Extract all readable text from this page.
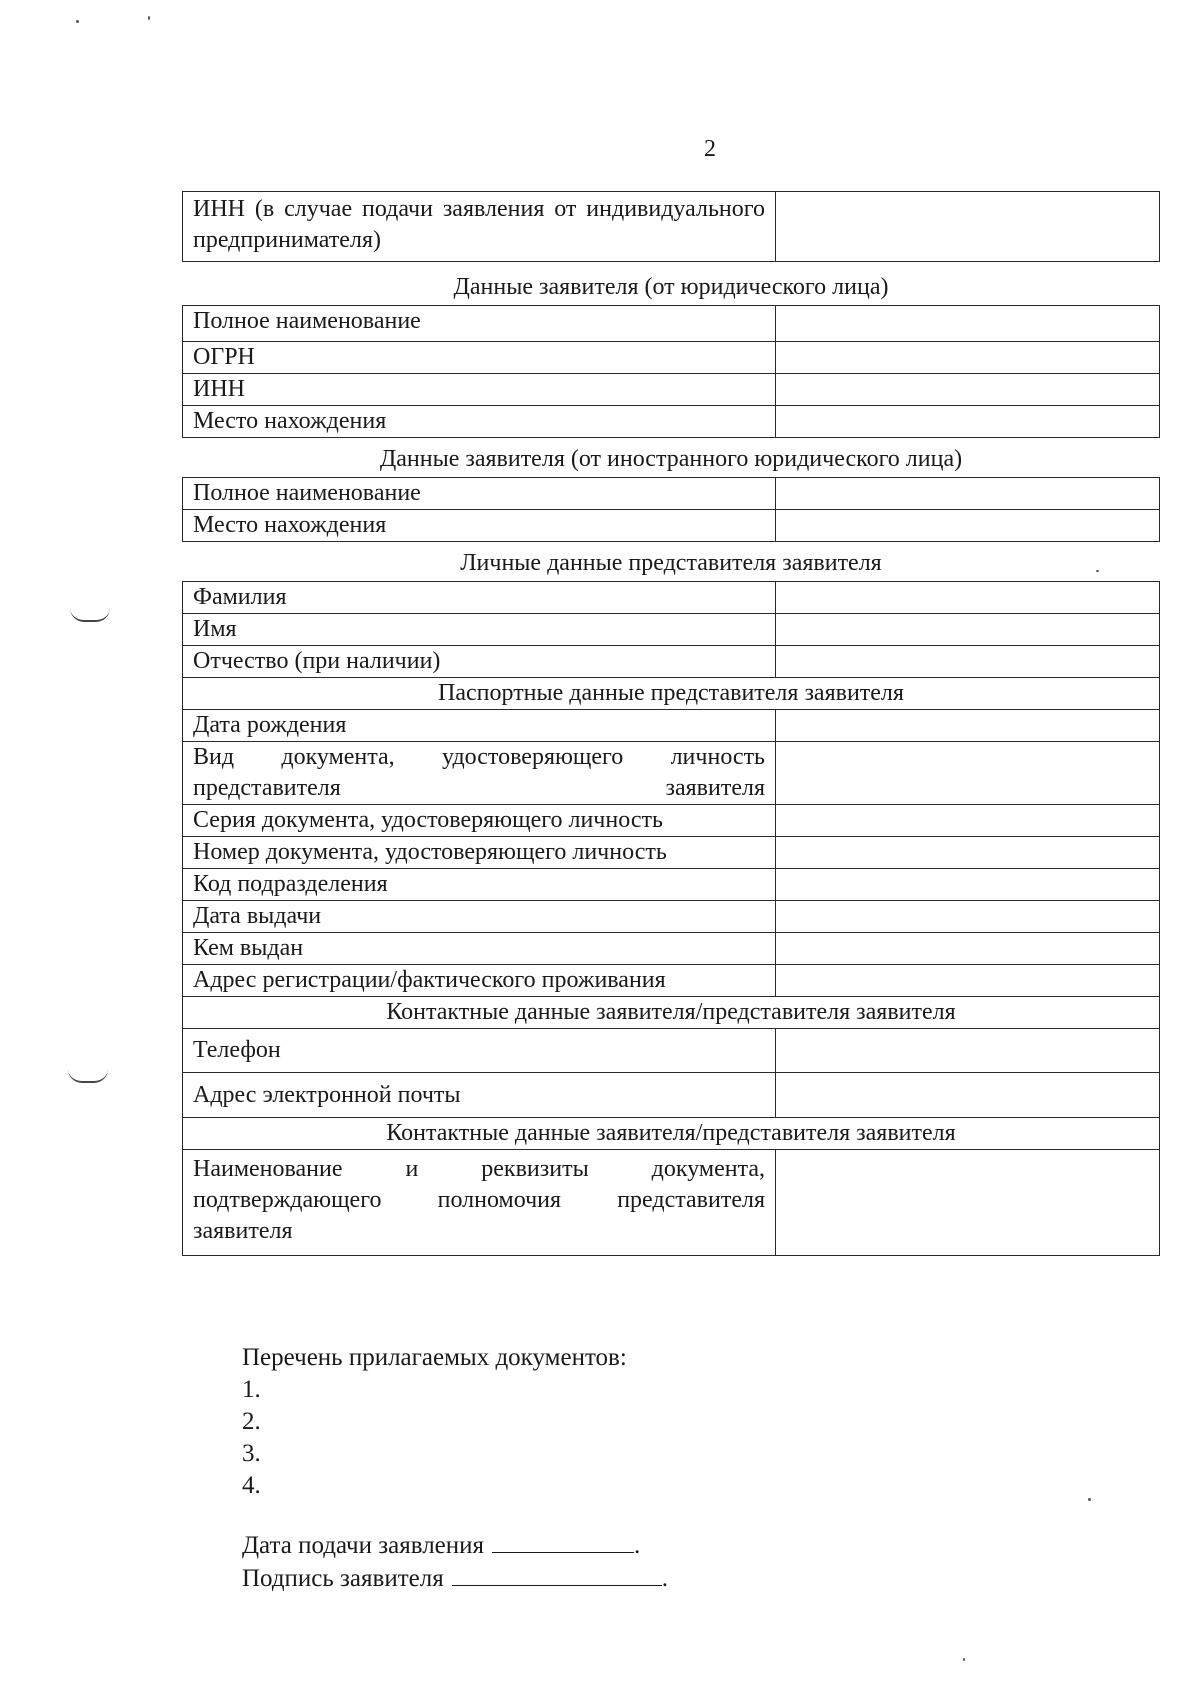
2
ИНН (в случае подачи заявления от индивидуального предпринимателя)	
Данные заявителя (от юридического лица)
Полное наименование	
ОГРН	
ИНН	
Место нахождения	
Данные заявителя (от иностранного юридического лица)
Полное наименование	
Место нахождения	
Личные данные представителя заявителя
Фамилия	
Имя	
Отчество (при наличии)	
Паспортные данные представителя заявителя	
Дата рождения	
Вид документа, удостоверяющего личность представителя заявителя	
Серия документа, удостоверяющего личность	
Номер документа, удостоверяющего личность	
Код подразделения	
Дата выдачи	
Кем выдан	
Адрес регистрации/фактического проживания	
Контактные данные заявителя/представителя заявителя	
Телефон	
Адрес электронной почты	
Контактные данные заявителя/представителя заявителя	
Наименование и реквизиты документа, подтверждающего полномочия представителя заявителя	
Перечень прилагаемых документов:
1.
2.
3.
4.
Дата подачи заявления	.
Подпись заявителя	.
